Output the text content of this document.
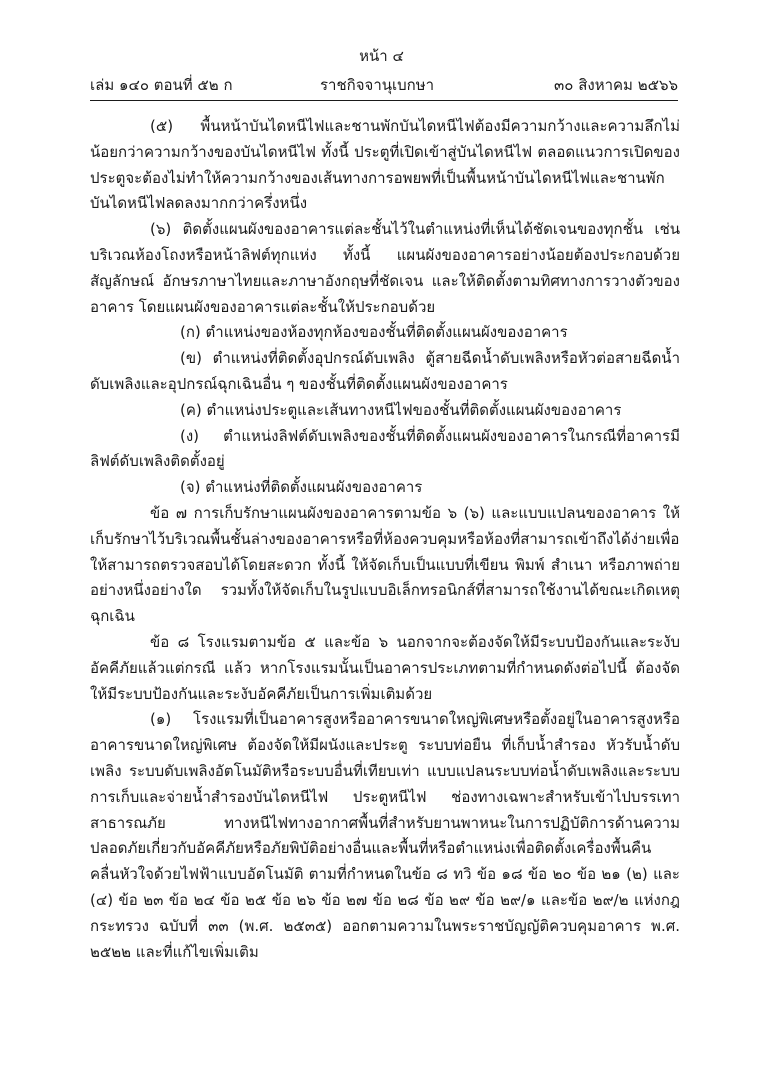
หน้า ๔
เล่ม ๑๔๐ ตอนที่ ๕๒ ก	ราชกิจจานุเบกษา	๓๐ สิงหาคม ๒๕๖๖

(๕) พื้นหน้าบันไดหนีไฟและชานพักบันไดหนีไฟต้องมีความกว้างและความลึกไม่น้อยกว่าความกว้างของบันไดหนีไฟ ทั้งนี้ ประตูที่เปิดเข้าสู่บันไดหนีไฟ ตลอดแนวการเปิดของประตูจะต้องไม่ทำให้ความกว้างของเส้นทางการอพยพที่เป็นพื้นหน้าบันไดหนีไฟและชานพักบันไดหนีไฟลดลงมากกว่าครึ่งหนึ่ง

(๖) ติดตั้งแผนผังของอาคารแต่ละชั้นไว้ในตำแหน่งที่เห็นได้ชัดเจนของทุกชั้น เช่น บริเวณห้องโถงหรือหน้าลิฟต์ทุกแห่ง ทั้งนี้ แผนผังของอาคารอย่างน้อยต้องประกอบด้วยสัญลักษณ์ อักษรภาษาไทยและภาษาอังกฤษที่ชัดเจน และให้ติดตั้งตามทิศทางการวางตัวของอาคาร โดยแผนผังของอาคารแต่ละชั้นให้ประกอบด้วย

(ก) ตำแหน่งของห้องทุกห้องของชั้นที่ติดตั้งแผนผังของอาคาร

(ข) ตำแหน่งที่ติดตั้งอุปกรณ์ดับเพลิง ตู้สายฉีดน้ำดับเพลิงหรือหัวต่อสายฉีดน้ำดับเพลิงและอุปกรณ์ฉุกเฉินอื่น ๆ ของชั้นที่ติดตั้งแผนผังของอาคาร

(ค) ตำแหน่งประตูและเส้นทางหนีไฟของชั้นที่ติดตั้งแผนผังของอาคาร

(ง) ตำแหน่งลิฟต์ดับเพลิงของชั้นที่ติดตั้งแผนผังของอาคารในกรณีที่อาคารมีลิฟต์ดับเพลิงติดตั้งอยู่

(จ) ตำแหน่งที่ติดตั้งแผนผังของอาคาร

ข้อ ๗ การเก็บรักษาแผนผังของอาคารตามข้อ ๖ (๖) และแบบแปลนของอาคาร ให้เก็บรักษาไว้บริเวณพื้นชั้นล่างของอาคารหรือที่ห้องควบคุมหรือห้องที่สามารถเข้าถึงได้ง่ายเพื่อให้สามารถตรวจสอบได้โดยสะดวก ทั้งนี้ ให้จัดเก็บเป็นแบบที่เขียน พิมพ์ สำเนา หรือภาพถ่าย อย่างหนึ่งอย่างใด รวมทั้งให้จัดเก็บในรูปแบบอิเล็กทรอนิกส์ที่สามารถใช้งานได้ขณะเกิดเหตุฉุกเฉิน

ข้อ ๘ โรงแรมตามข้อ ๕ และข้อ ๖ นอกจากจะต้องจัดให้มีระบบป้องกันและระงับอัคคีภัยแล้วแต่กรณี แล้ว หากโรงแรมนั้นเป็นอาคารประเภทตามที่กำหนดดังต่อไปนี้ ต้องจัดให้มีระบบป้องกันและระงับอัคคีภัยเป็นการเพิ่มเติมด้วย

(๑) โรงแรมที่เป็นอาคารสูงหรืออาคารขนาดใหญ่พิเศษหรือตั้งอยู่ในอาคารสูงหรืออาคารขนาดใหญ่พิเศษ ต้องจัดให้มีผนังและประตู ระบบท่อยืน ที่เก็บน้ำสำรอง หัวรับน้ำดับเพลิง ระบบดับเพลิงอัตโนมัติหรือระบบอื่นที่เทียบเท่า แบบแปลนระบบท่อน้ำดับเพลิงและระบบการเก็บและจ่ายน้ำสำรองบันไดหนีไฟ ประตูหนีไฟ ช่องทางเฉพาะสำหรับเข้าไปบรรเทาสาธารณภัย ทางหนีไฟทางอากาศพื้นที่สำหรับยานพาหนะในการปฏิบัติการด้านความปลอดภัยเกี่ยวกับอัคคีภัยหรือภัยพิบัติอย่างอื่นและพื้นที่หรือตำแหน่งเพื่อติดตั้งเครื่องพื้นคืนคลื่นหัวใจด้วยไฟฟ้าแบบอัตโนมัติ ตามที่กำหนดในข้อ ๘ ทวิ ข้อ ๑๘ ข้อ ๒๐ ข้อ ๒๑ (๒) และ (๔) ข้อ ๒๓ ข้อ ๒๔ ข้อ ๒๕ ข้อ ๒๖ ข้อ ๒๗ ข้อ ๒๘ ข้อ ๒๙ ข้อ ๒๙/๑ และข้อ ๒๙/๒ แห่งกฎกระทรวง ฉบับที่ ๓๓ (พ.ศ. ๒๕๓๕) ออกตามความในพระราชบัญญัติควบคุมอาคาร พ.ศ. ๒๕๒๒ และที่แก้ไขเพิ่มเติม
